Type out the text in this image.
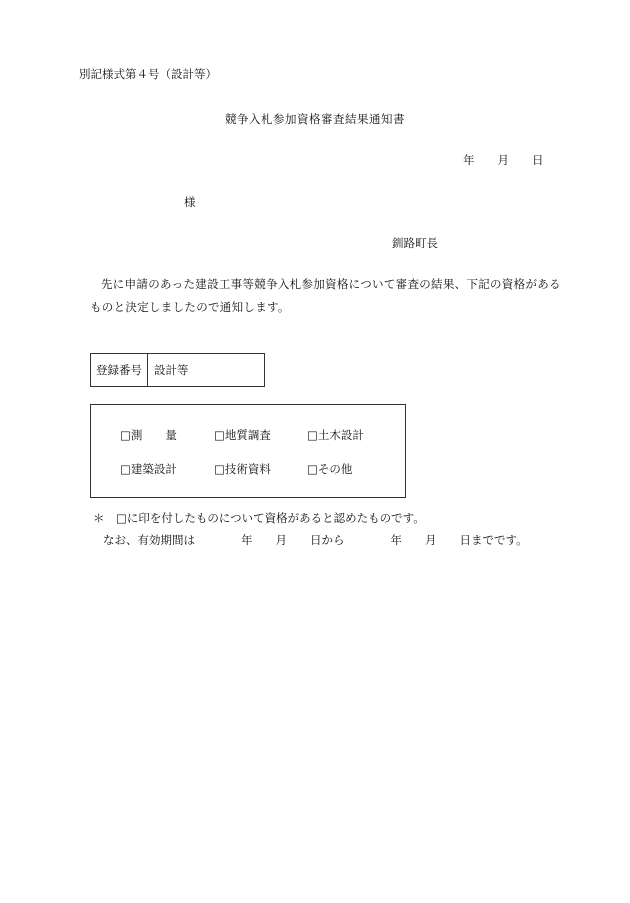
別記様式第４号（設計等）
競争入札参加資格審査結果通知書
年　　月　　日
様
釧路町長
先に申請のあった建設工事等競争入札参加資格について審査の結果、下記の資格がある
ものと決定しましたので通知します。
登録番号	設計等
□測　　量	□地質調査	□土木設計
□建築設計	□技術資料	□その他
＊　□に印を付したものについて資格があると認めたものです。
なお、有効期間は　　　　年　　月　　日から　　　　年　　月　　日までです。
